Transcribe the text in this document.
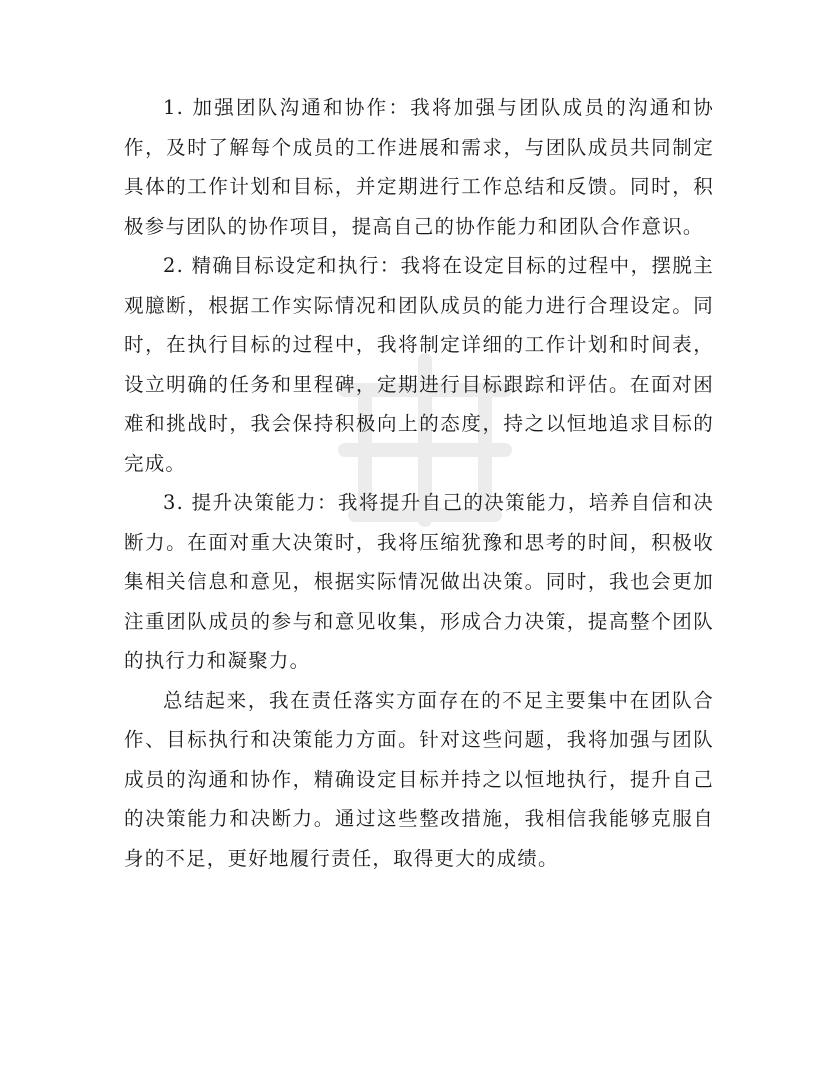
1. 加强团队沟通和协作：我将加强与团队成员的沟通和协作，及时了解每个成员的工作进展和需求，与团队成员共同制定具体的工作计划和目标，并定期进行工作总结和反馈。同时，积极参与团队的协作项目，提高自己的协作能力和团队合作意识。

2. 精确目标设定和执行：我将在设定目标的过程中，摆脱主观臆断，根据工作实际情况和团队成员的能力进行合理设定。同时，在执行目标的过程中，我将制定详细的工作计划和时间表，设立明确的任务和里程碑，定期进行目标跟踪和评估。在面对困难和挑战时，我会保持积极向上的态度，持之以恒地追求目标的完成。

3. 提升决策能力：我将提升自己的决策能力，培养自信和决断力。在面对重大决策时，我将压缩犹豫和思考的时间，积极收集相关信息和意见，根据实际情况做出决策。同时，我也会更加注重团队成员的参与和意见收集，形成合力决策，提高整个团队的执行力和凝聚力。

总结起来，我在责任落实方面存在的不足主要集中在团队合作、目标执行和决策能力方面。针对这些问题，我将加强与团队成员的沟通和协作，精确设定目标并持之以恒地执行，提升自己的决策能力和决断力。通过这些整改措施，我相信我能够克服自身的不足，更好地履行责任，取得更大的成绩。
